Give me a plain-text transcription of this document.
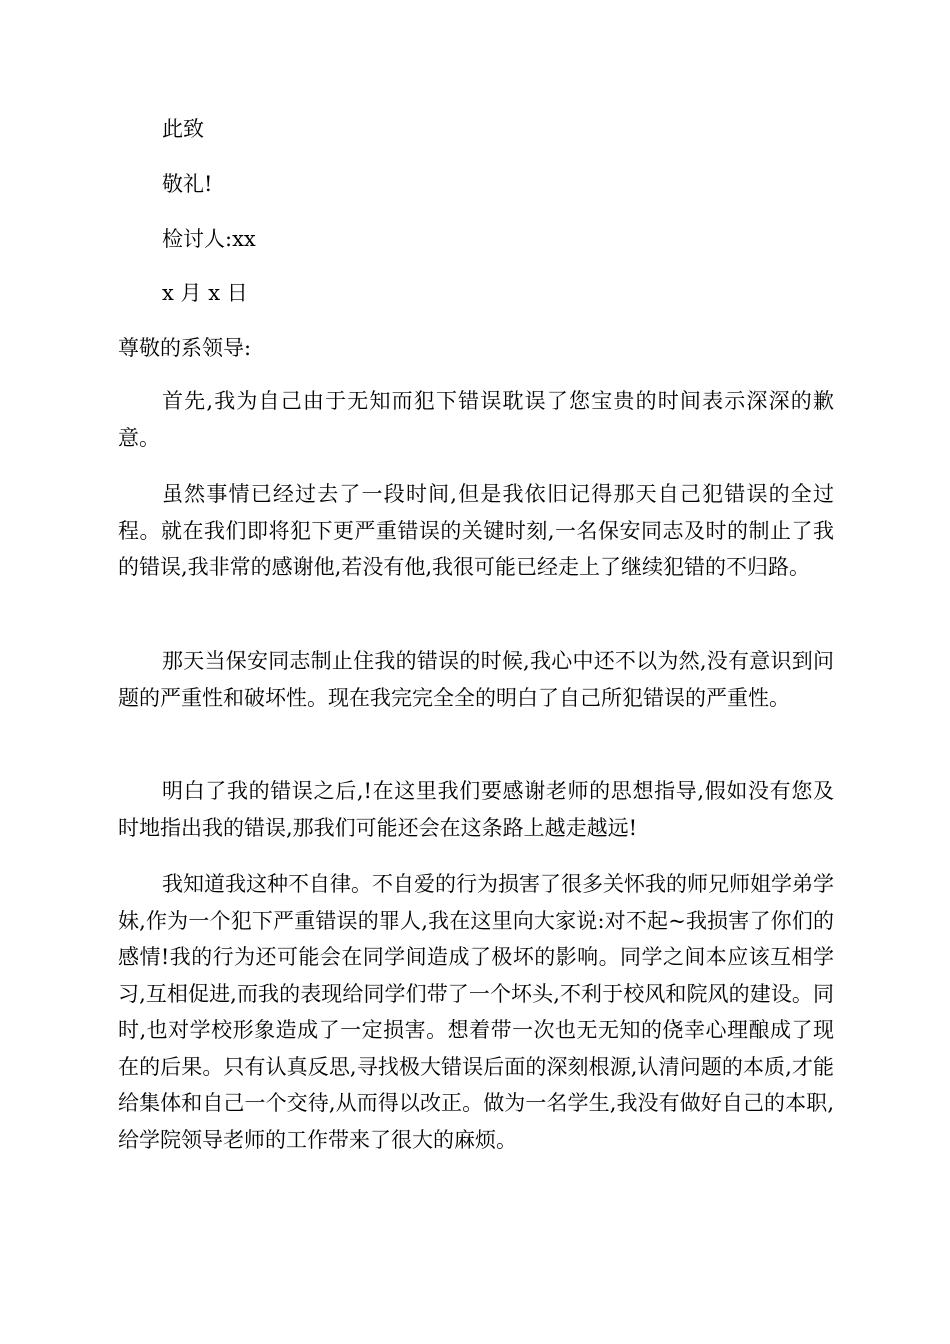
此致
敬礼!
检讨人:xx
x 月 x 日
尊敬的系领导:

首先,我为自己由于无知而犯下错误耽误了您宝贵的时间表示深深的歉意。

虽然事情已经过去了一段时间,但是我依旧记得那天自己犯错误的全过程。就在我们即将犯下更严重错误的关键时刻,一名保安同志及时的制止了我的错误,我非常的感谢他,若没有他,我很可能已经走上了继续犯错的不归路。

那天当保安同志制止住我的错误的时候,我心中还不以为然,没有意识到问题的严重性和破坏性。现在我完完全全的明白了自己所犯错误的严重性。

明白了我的错误之后,!在这里我们要感谢老师的思想指导,假如没有您及时地指出我的错误,那我们可能还会在这条路上越走越远!

我知道我这种不自律。不自爱的行为损害了很多关怀我的师兄师姐学弟学妹,作为一个犯下严重错误的罪人,我在这里向大家说:对不起~我损害了你们的感情!我的行为还可能会在同学间造成了极坏的影响。同学之间本应该互相学习,互相促进,而我的表现给同学们带了一个坏头,不利于校风和院风的建设。同时,也对学校形象造成了一定损害。想着带一次也无无知的侥幸心理酿成了现在的后果。只有认真反思,寻找极大错误后面的深刻根源,认清问题的本质,才能给集体和自己一个交待,从而得以改正。做为一名学生,我没有做好自己的本职,给学院领导老师的工作带来了很大的麻烦。
